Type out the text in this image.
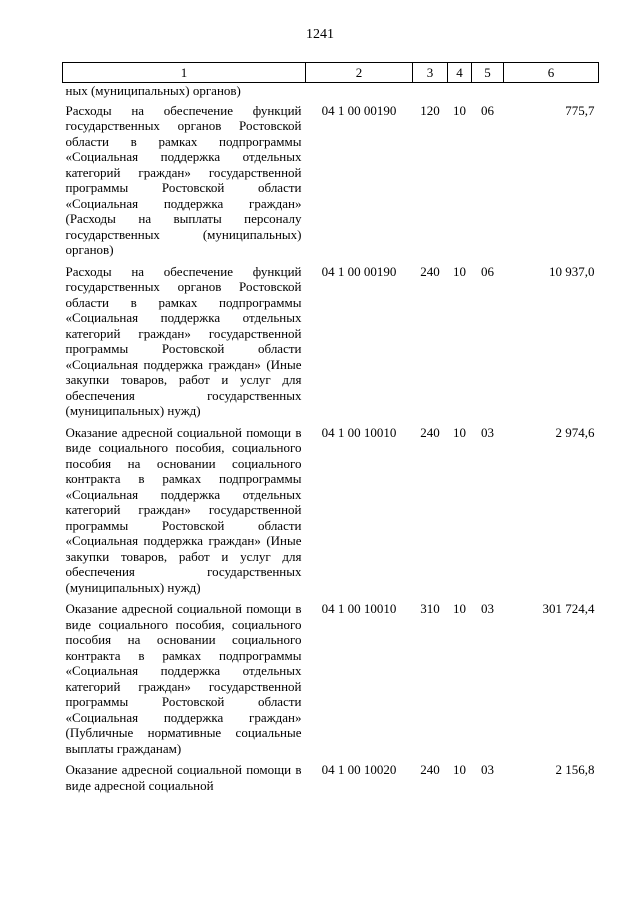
1241
1	2	3	4	5	6
ных (муниципальных) органов)					
Расходы на обеспечение функций государственных органов Ростовской области в рамках подпрограммы «Социальная поддержка отдельных категорий граждан» государственной программы Ростовской области «Социальная поддержка граждан» (Расходы на выплаты персоналу государственных (муниципальных) органов)	04 1 00 00190	120	10	06	775,7
Расходы на обеспечение функций государственных органов Ростовской области в рамках подпрограммы «Социальная поддержка отдельных категорий граждан» государственной программы Ростовской области «Социальная поддержка граждан» (Иные закупки товаров, работ и услуг для обеспечения государственных (муниципальных) нужд)	04 1 00 00190	240	10	06	10 937,0
Оказание адресной социальной помощи в виде социального пособия, социального пособия на основании социального контракта в рамках подпрограммы «Социальная поддержка отдельных категорий граждан» государственной программы Ростовской области «Социальная поддержка граждан» (Иные закупки товаров, работ и услуг для обеспечения государственных (муниципальных) нужд)	04 1 00 10010	240	10	03	2 974,6
Оказание адресной социальной помощи в виде социального пособия, социального пособия на основании социального контракта в рамках подпрограммы «Социальная поддержка отдельных категорий граждан» государственной программы Ростовской области «Социальная поддержка граждан» (Публичные нормативные социальные выплаты гражданам)	04 1 00 10010	310	10	03	301 724,4
Оказание адресной социальной помощи в виде адресной социальной	04 1 00 10020	240	10	03	2 156,8
